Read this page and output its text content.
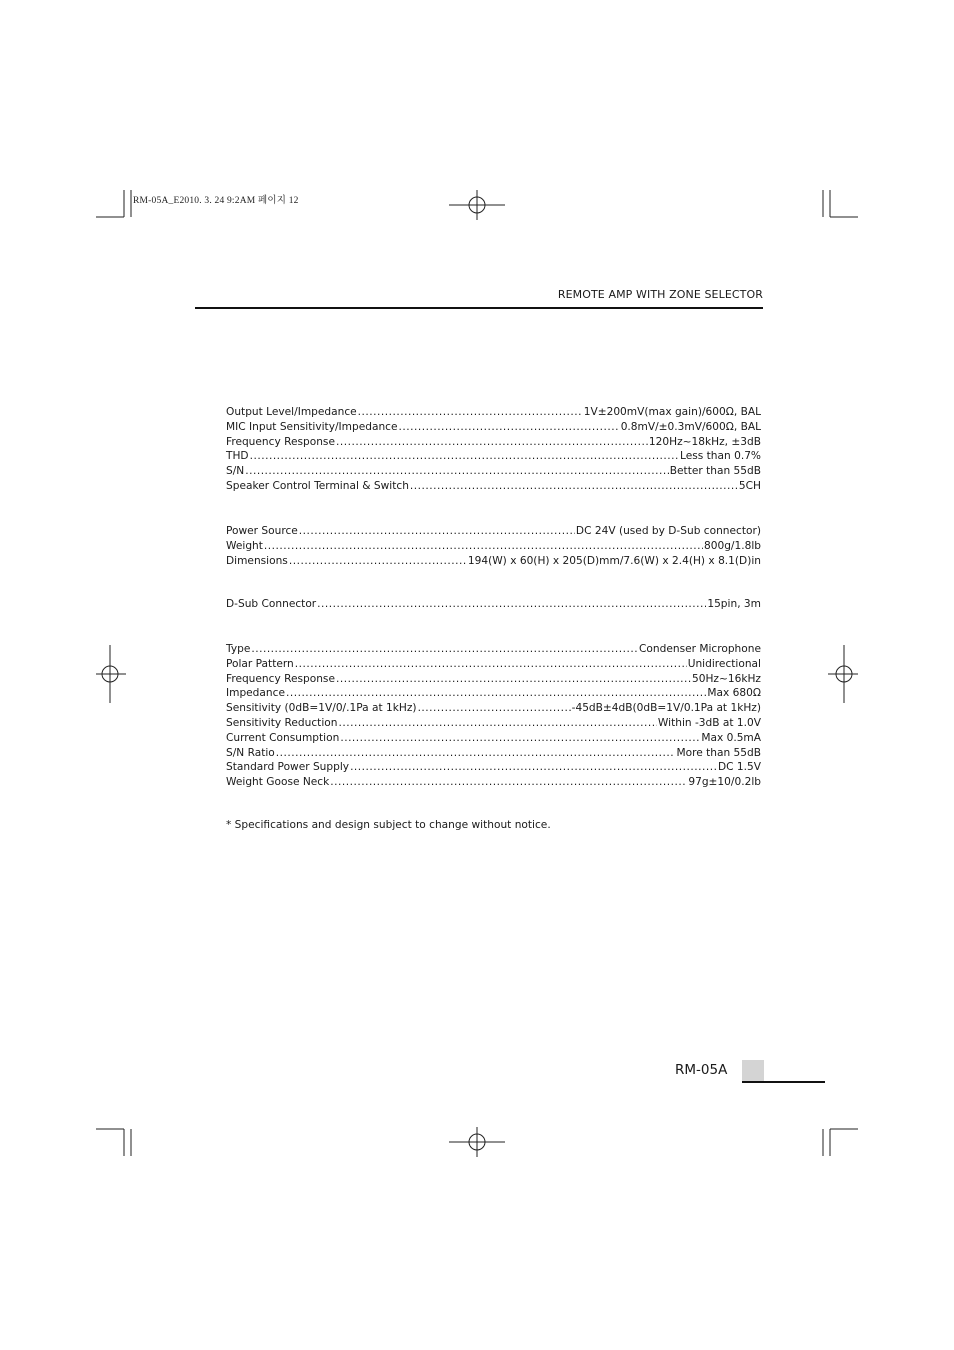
RM-05A_E2010. 3. 24 9:2AM 페이지 12
REMOTE AMP WITH ZONE SELECTOR
Output Level/Impedance .....	1V±200mV(max gain)/600Ω, BAL
MIC Input Sensitivity/Impedance .....	0.8mV/±0.3mV/600Ω, BAL
Frequency Response .....	120Hz~18kHz, ±3dB
THD .....	Less than 0.7%
S/N .....	Better than 55dB
Speaker Control Terminal & Switch .....	5CH
Power Source .....	DC 24V (used by D-Sub connector)
Weight .....	800g/1.8lb
Dimensions .....	194(W) x 60(H) x 205(D)mm/7.6(W) x 2.4(H) x 8.1(D)in
D-Sub Connector .....	15pin, 3m
Type .....	Condenser Microphone
Polar Pattern .....	Unidirectional
Frequency Response .....	50Hz~16kHz
Impedance .....	Max 680Ω
Sensitivity (0dB=1V/0/.1Pa at 1kHz) .....	-45dB±4dB(0dB=1V/0.1Pa at 1kHz)
Sensitivity Reduction .....	Within -3dB at 1.0V
Current Consumption .....	Max 0.5mA
S/N Ratio .....	More than 55dB
Standard Power Supply .....	DC 1.5V
Weight Goose Neck .....	97g±10/0.2lb
* Specifications and design subject to change without notice.
RM-05A
